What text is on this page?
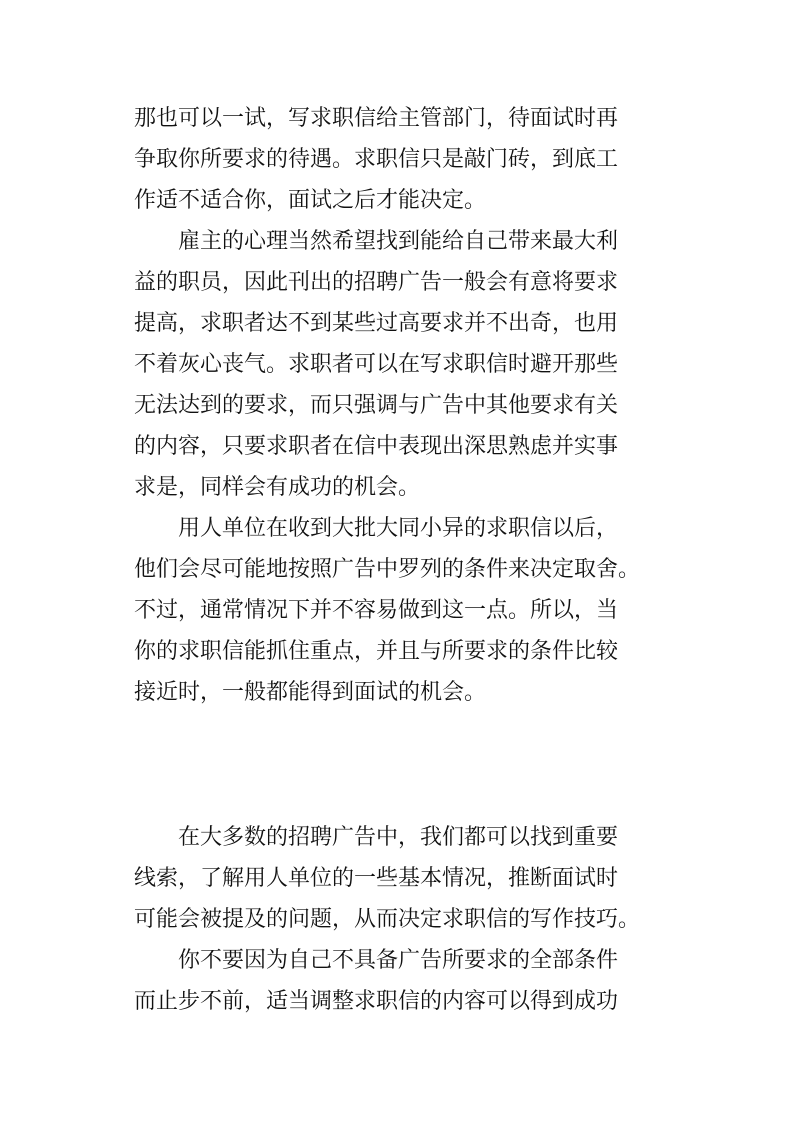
那也可以一试，写求职信给主管部门，待面试时再
争取你所要求的待遇。求职信只是敲门砖，到底工
作适不适合你，面试之后才能决定。
　　雇主的心理当然希望找到能给自己带来最大利
益的职员，因此刊出的招聘广告一般会有意将要求
提高，求职者达不到某些过高要求并不出奇，也用
不着灰心丧气。求职者可以在写求职信时避开那些
无法达到的要求，而只强调与广告中其他要求有关
的内容，只要求职者在信中表现出深思熟虑并实事
求是，同样会有成功的机会。
　　用人单位在收到大批大同小异的求职信以后，
他们会尽可能地按照广告中罗列的条件来决定取舍。
不过，通常情况下并不容易做到这一点。所以，当
你的求职信能抓住重点，并且与所要求的条件比较
接近时，一般都能得到面试的机会。
　　在大多数的招聘广告中，我们都可以找到重要
线索，了解用人单位的一些基本情况，推断面试时
可能会被提及的问题，从而决定求职信的写作技巧。
　　你不要因为自己不具备广告所要求的全部条件
而止步不前，适当调整求职信的内容可以得到成功
